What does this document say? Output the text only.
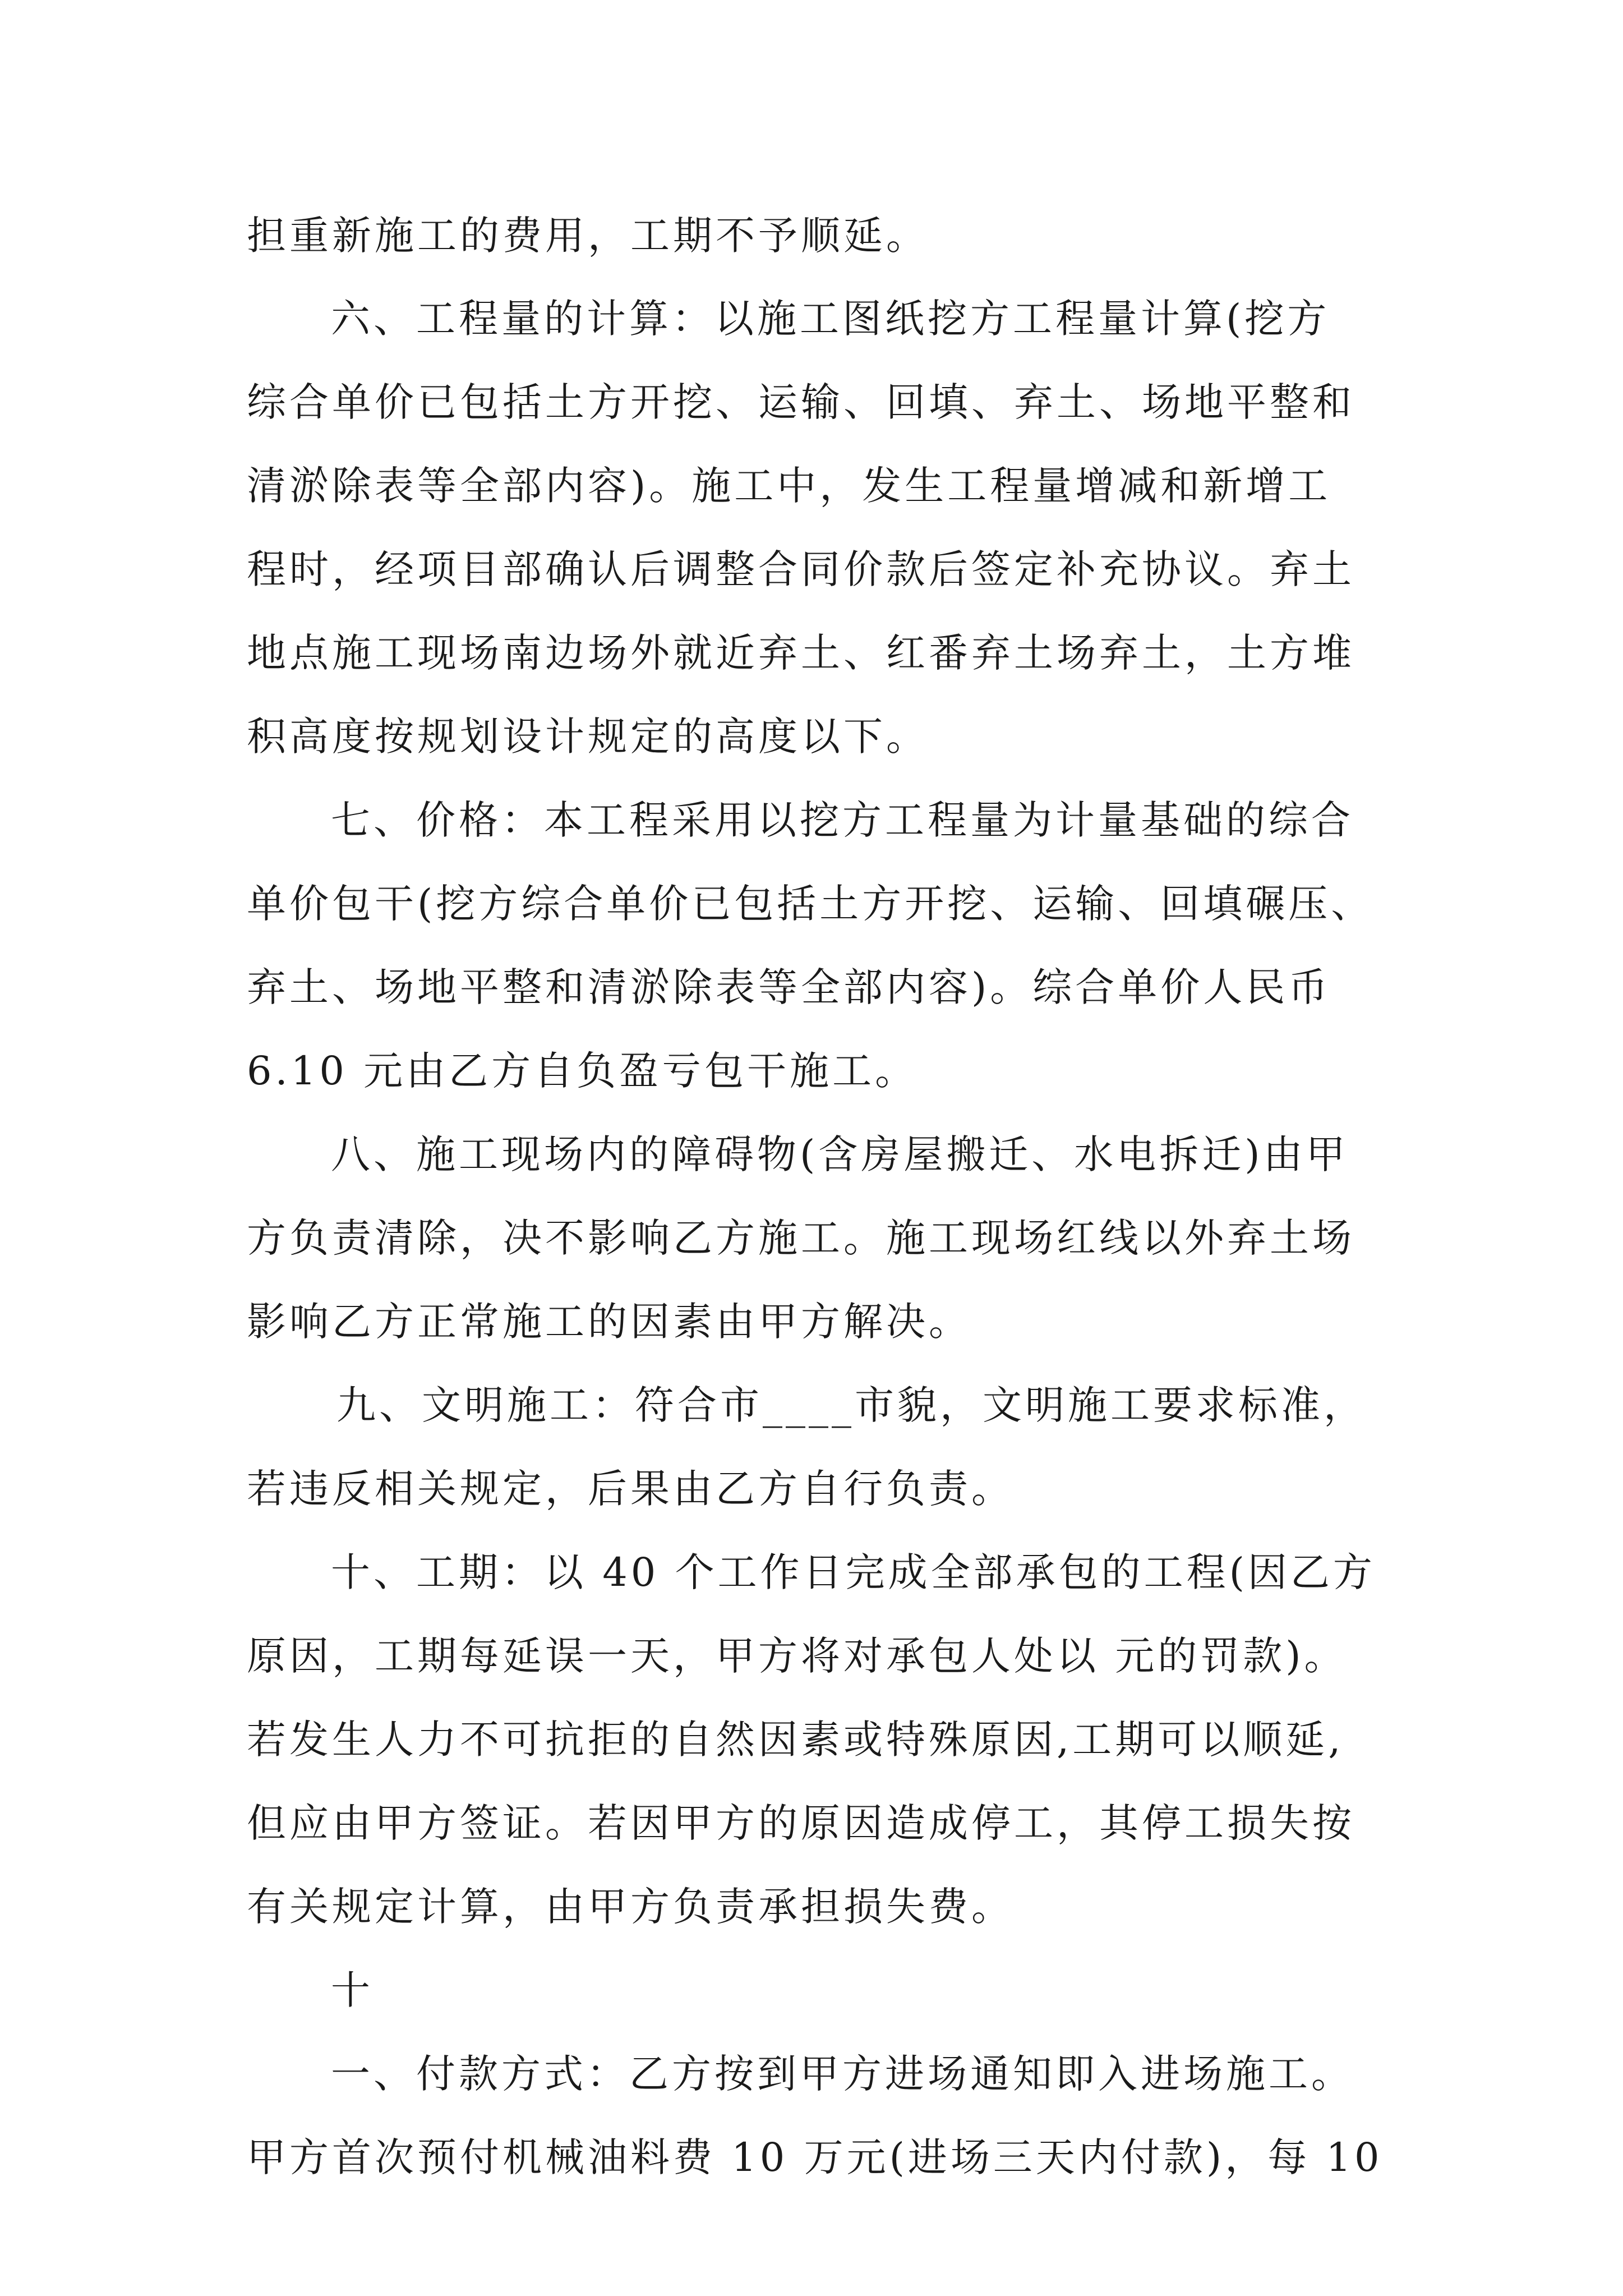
担重新施工的费用，工期不予顺延。
六、工程量的计算：以施工图纸挖方工程量计算(挖方
综合单价已包括土方开挖、运输、回填、弃土、场地平整和
清淤除表等全部内容)。施工中，发生工程量增减和新增工
程时，经项目部确认后调整合同价款后签定补充协议。弃土
地点施工现场南边场外就近弃土、红番弃土场弃土，土方堆
积高度按规划设计规定的高度以下。
七、价格：本工程采用以挖方工程量为计量基础的综合
单价包干(挖方综合单价已包括土方开挖、运输、回填碾压、
弃土、场地平整和清淤除表等全部内容)。综合单价人民币
6.10 元由乙方自负盈亏包干施工。
八、施工现场内的障碍物(含房屋搬迁、水电拆迁)由甲
方负责清除，决不影响乙方施工。施工现场红线以外弃土场
影响乙方正常施工的因素由甲方解决。
九、文明施工：符合市____市貌，文明施工要求标准，
若违反相关规定，后果由乙方自行负责。
十、工期：以 40 个工作日完成全部承包的工程(因乙方
原因，工期每延误一天，甲方将对承包人处以 元的罚款)。
若发生人力不可抗拒的自然因素或特殊原因,工期可以顺延,
但应由甲方签证。若因甲方的原因造成停工，其停工损失按
有关规定计算，由甲方负责承担损失费。
十
一、付款方式：乙方按到甲方进场通知即入进场施工。
甲方首次预付机械油料费 10 万元(进场三天内付款)，每 10
